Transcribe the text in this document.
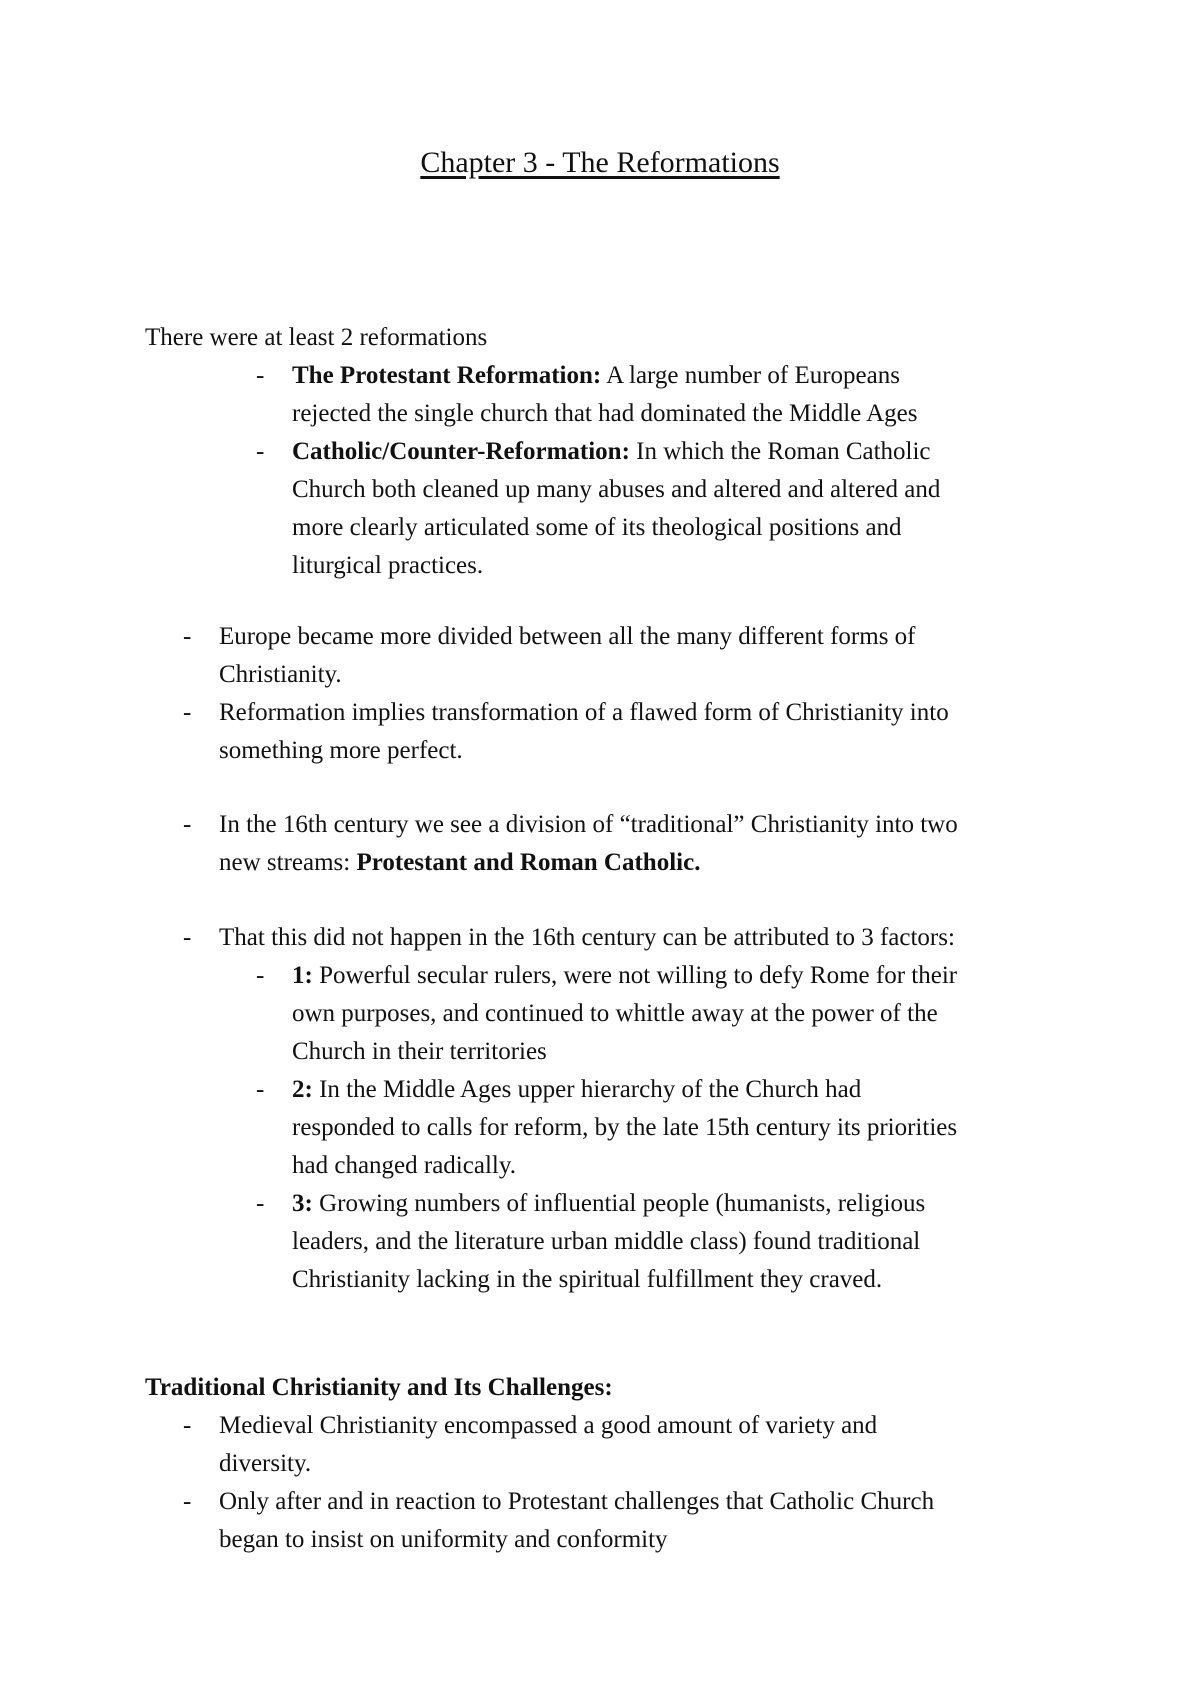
Chapter 3 - The Reformations
There were at least 2 reformations
- The Protestant Reformation: A large number of Europeans
rejected the single church that had dominated the Middle Ages
- Catholic/Counter-Reformation: In which the Roman Catholic
Church both cleaned up many abuses and altered and altered and
more clearly articulated some of its theological positions and
liturgical practices.
- Europe became more divided between all the many different forms of
Christianity.
- Reformation implies transformation of a flawed form of Christianity into
something more perfect.
- In the 16th century we see a division of “traditional” Christianity into two
new streams: Protestant and Roman Catholic.
- That this did not happen in the 16th century can be attributed to 3 factors:
- 1: Powerful secular rulers, were not willing to defy Rome for their
own purposes, and continued to whittle away at the power of the
Church in their territories
- 2: In the Middle Ages upper hierarchy of the Church had
responded to calls for reform, by the late 15th century its priorities
had changed radically.
- 3: Growing numbers of influential people (humanists, religious
leaders, and the literature urban middle class) found traditional
Christianity lacking in the spiritual fulfillment they craved.
Traditional Christianity and Its Challenges:
- Medieval Christianity encompassed a good amount of variety and
diversity.
- Only after and in reaction to Protestant challenges that Catholic Church
began to insist on uniformity and conformity
